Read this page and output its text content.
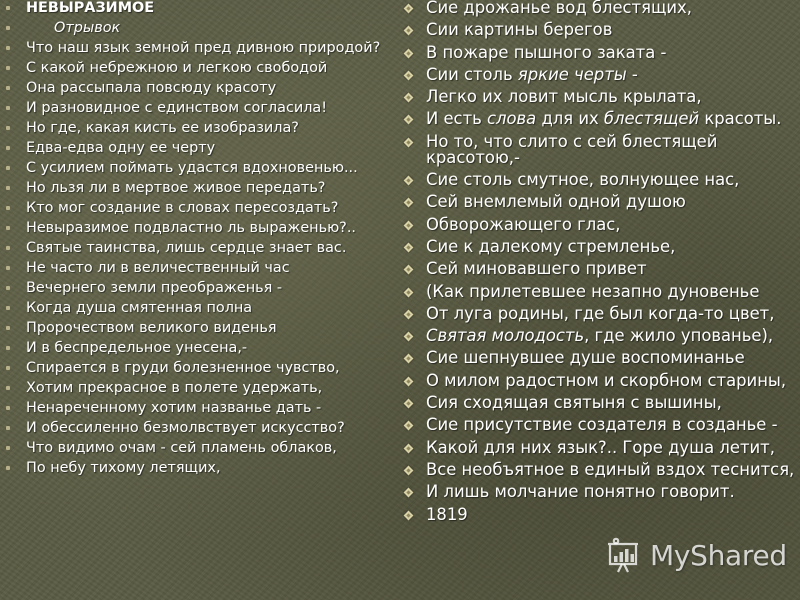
НЕВЫРАЗИМОЕ
Отрывок
Что наш язык земной пред дивною природой?
С какой небрежною и легкою свободой
Она рассыпала повсюду красоту
И разновидное с единством согласила!
Но где, какая кисть ее изобразила?
Едва-едва одну ее черту
С усилием поймать удастся вдохновенью...
Но льзя ли в мертвое живое передать?
Кто мог создание в словах пересоздать?
Невыразимое подвластно ль выраженью?..
Святые таинства, лишь сердце знает вас.
Не часто ли в величественный час
Вечернего земли преображенья -
Когда душа смятенная полна
Пророчеством великого виденья
И в беспредельное унесена,-
Спирается в груди болезненное чувство,
Хотим прекрасное в полете удержать,
Ненареченному хотим названье дать -
И обессиленно безмолвствует искусство?
Что видимо очам - сей пламень облаков,
По небу тихому летящих,
Сие дрожанье вод блестящих,
Сии картины берегов
В пожаре пышного заката -
Сии столь яркие черты -
Легко их ловит мысль крылата,
И есть слова для их блестящей красоты.
Но то, что слито с сей блестящей красотою,-
Сие столь смутное, волнующее нас,
Сей внемлемый одной душою
Обворожающего глас,
Сие к далекому стремленье,
Сей миновавшего привет
(Как прилетевшее незапно дуновенье
От луга родины, где был когда-то цвет,
Святая молодость, где жило упованье),
Сие шепнувшее душе воспоминанье
О милом радостном и скорбном старины,
Сия сходящая святыня с вышины,
Сие присутствие создателя в созданье -
Какой для них язык?.. Горе душа летит,
Все необъятное в единый вздох теснится,
И лишь молчание понятно говорит.
1819
MyShared
